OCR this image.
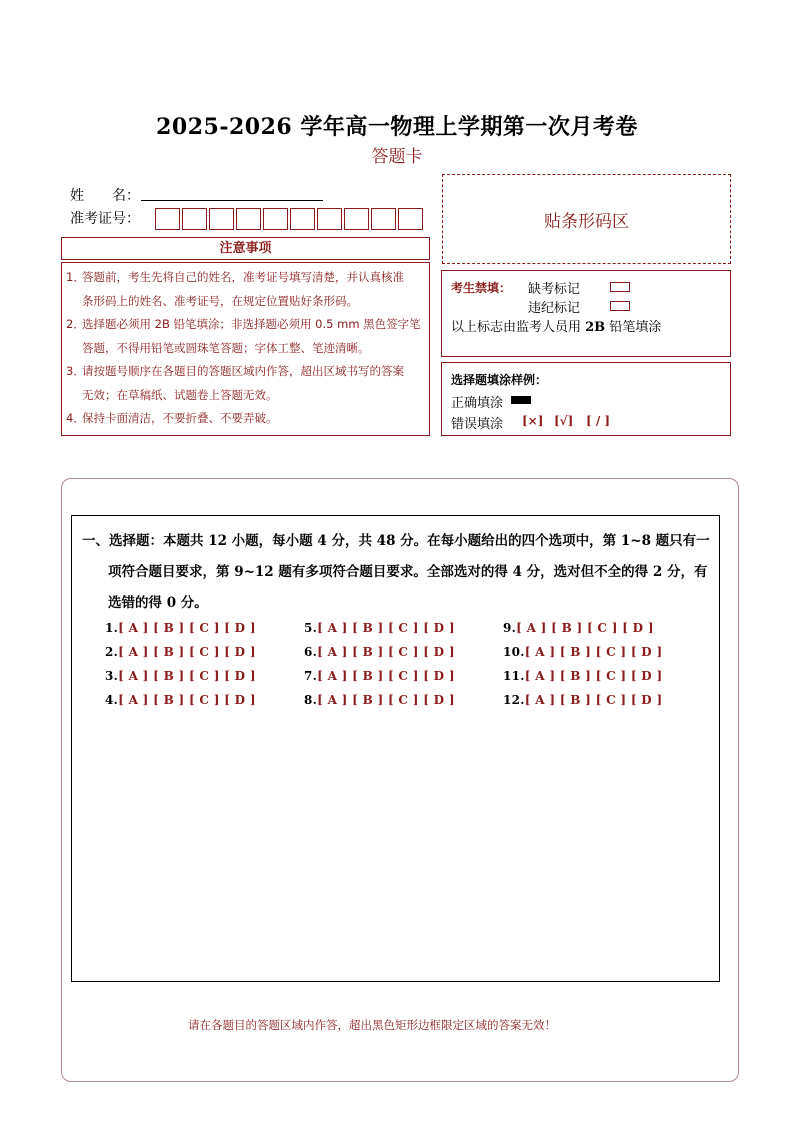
2025-2026 学年高一物理上学期第一次月考卷
答题卡
姓　　名：
准考证号：	贴条形码区
注意事项
1．
答题前，考生先将自己的姓名，准考证号填写清楚，并认真核准
条形码上的姓名、准考证号，在规定位置贴好条形码。
2．
选择题必须用 2B 铅笔填涂；非选择题必须用 0.5 mm 黑色签字笔
答题，不得用铅笔或圆珠笔答题；字体工整、笔迹清晰。
3．
请按题号顺序在各题目的答题区域内作答，超出区域书写的答案
无效；在草稿纸、试题卷上答题无效。
4．
保持卡面清洁，不要折叠、不要弄破。
考生禁填： 缺考标记
违纪标记
以上标志由监考人员用 2B 铅笔填涂
选择题填涂样例：
正确填涂
错误填涂 [×] [√] [ / ]
一、选择题：本题共 12 小题，每小题 4 分，共 48 分。在每小题给出的四个选项中，第 1~8 题只有一
项符合题目要求，第 9~12 题有多项符合题目要求。全部选对的得 4 分，选对但不全的得 2 分，有
选错的得 0 分。
1.[ A ] [ B ] [ C ] [ D ]
2.[ A ] [ B ] [ C ] [ D ]
3.[ A ] [ B ] [ C ] [ D ]
4.[ A ] [ B ] [ C ] [ D ]
5.[ A ] [ B ] [ C ] [ D ]
6.[ A ] [ B ] [ C ] [ D ]
7.[ A ] [ B ] [ C ] [ D ]
8.[ A ] [ B ] [ C ] [ D ]
9.[ A ] [ B ] [ C ] [ D ]
10.[ A ] [ B ] [ C ] [ D ]
11.[ A ] [ B ] [ C ] [ D ]
12.[ A ] [ B ] [ C ] [ D ]
请在各题目的答题区域内作答，超出黑色矩形边框限定区域的答案无效！
